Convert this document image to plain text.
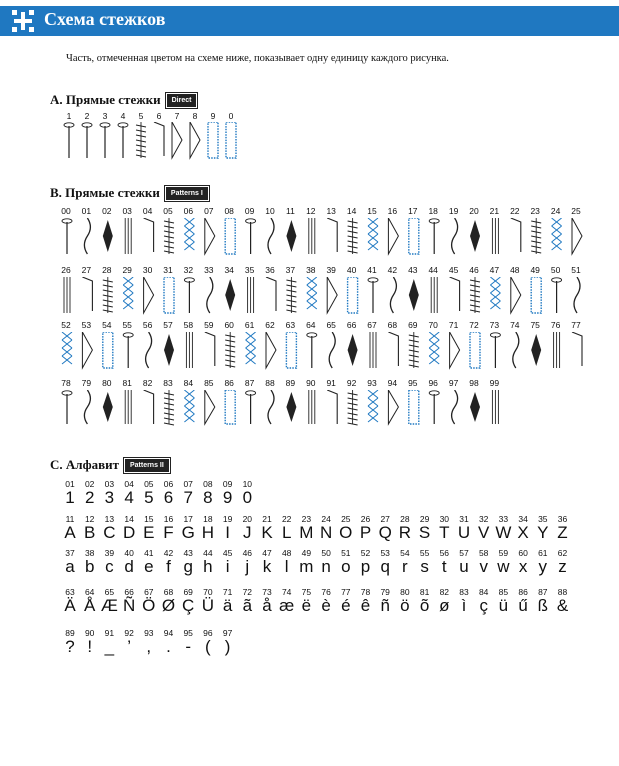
Схема стежков
Часть, отмеченная цветом на схеме ниже, показывает одну единицу каждого рисунка.
A. Прямые стежки	Direct
1	2	3	4	5	6	7	8	9	0
B. Прямые стежки	Patterns I
00	01	02	03	04	05	06	07	08	09	10	11	12	13	14	15	16	17	18	19	20	21	22	23	24	25
26	27	28	29	30	31	32	33	34	35	36	37	38	39	40	41	42	43	44	45	46	47	48	49	50	51
52	53	54	55	56	57	58	59	60	61	62	63	64	65	66	67	68	69	70	71	72	73	74	75	76	77
78	79	80	81	82	83	84	85	86	87	88	89	90	91	92	93	94	95	96	97	98	99
C. Алфавит	Patterns II
01	02	03	04	05	06	07	08	09	10
1 2 3 4 5 6 7 8 9 0
11	12	13	14	15	16	17	18	19	20	21	22	23	24	25	26	27	28	29	30	31	32	33	34	35	36
A B C D E F G H I J K L M N O P Q R S T U V W X Y Z
37	38	39	40	41	42	43	44	45	46	47	48	49	50	51	52	53	54	55	56	57	58	59	60	61	62
a b c d e f g h i j k l m n o p q r s t u v w x y z
63	64	65	66	67	68	69	70	71	72	73	74	75	76	77	78	79	80	81	82	83	84	85	86	87	88
Ä Å Æ Ñ Ö Ø Ç Ü ä ã å æ ë è é ê ñ ö õ ø ì ç ü ű ß &
89	90	91	92	93	94	95	96	97
? ! _ ’ , . - ( )
